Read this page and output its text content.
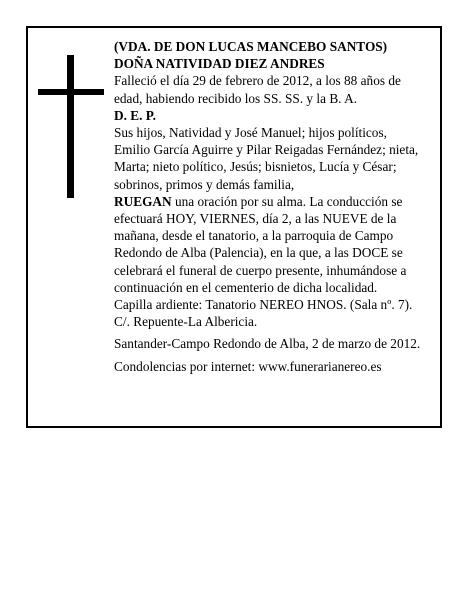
(VDA. DE DON LUCAS MANCEBO SANTOS)

DOÑA NATIVIDAD DIEZ ANDRES

Falleció el día 29 de febrero de 2012, a los 88 años de edad, habiendo recibido los SS. SS. y la B. A.

D. E. P.

Sus hijos, Natividad y José Manuel; hijos políticos, Emilio García Aguirre y Pilar Reigadas Fernández; nieta, Marta; nieto político, Jesús; bisnietos, Lucía y César; sobrinos, primos y demás familia,

RUEGAN una oración por su alma. La conducción se efectuará HOY, VIERNES, día 2, a las NUEVE de la mañana, desde el tanatorio, a la parroquia de Campo Redondo de Alba (Palencia), en la que, a las DOCE se celebrará el funeral de cuerpo presente, inhumándose a continuación en el cementerio de dicha localidad.

Capilla ardiente: Tanatorio NEREO HNOS. (Sala nº. 7). C/. Repuente-La Albericia.

Santander-Campo Redondo de Alba, 2 de marzo de 2012.

Condolencias por internet: www.funerarianereo.es
